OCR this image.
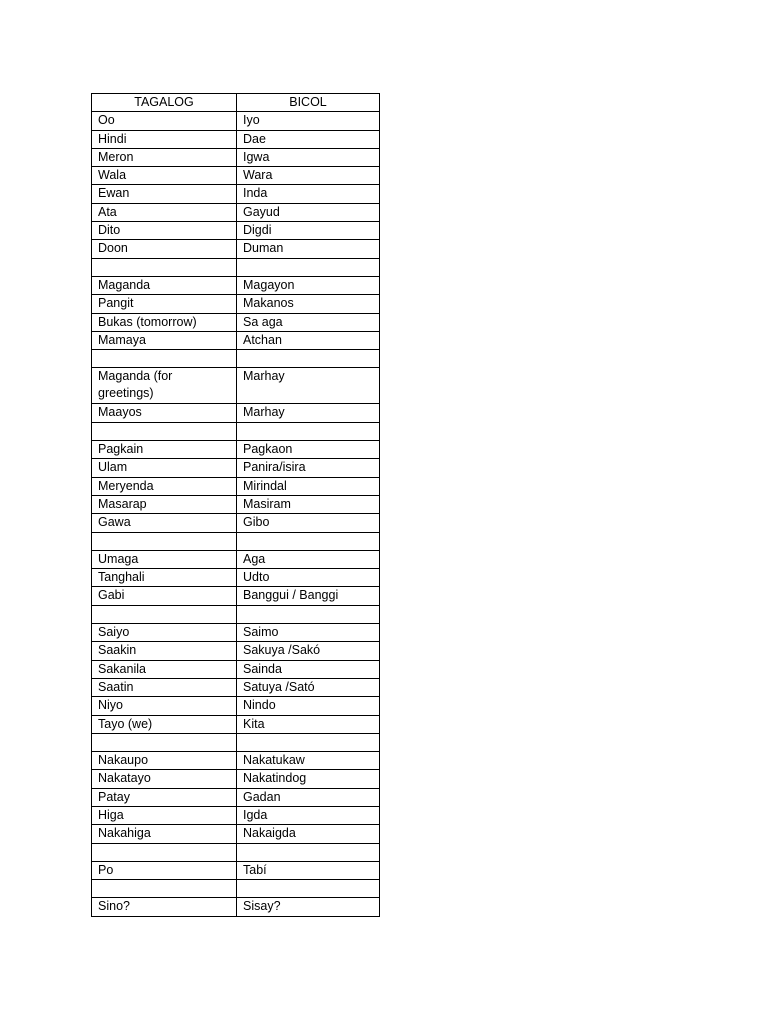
TAGALOG	BICOL
Oo	Iyo
Hindi	Dae
Meron	Igwa
Wala	Wara
Ewan	Inda
Ata	Gayud
Dito	Digdi
Doon	Duman

Maganda	Magayon
Pangit	Makanos
Bukas (tomorrow)	Sa aga
Mamaya	Atchan

Maganda (for greetings)	Marhay
Maayos	Marhay

Pagkain	Pagkaon
Ulam	Panira/isira
Meryenda	Mirindal
Masarap	Masiram
Gawa	Gibo

Umaga	Aga
Tanghali	Udto
Gabi	Banggui / Banggi

Saiyo	Saimo
Saakin	Sakuya /Sakó
Sakanila	Sainda
Saatin	Satuya /Sató
Niyo	Nindo
Tayo (we)	Kita

Nakaupo	Nakatukaw
Nakatayo	Nakatindog
Patay	Gadan
Higa	Igda
Nakahiga	Nakaigda

Po	Tabí

Sino?	Sisay?
